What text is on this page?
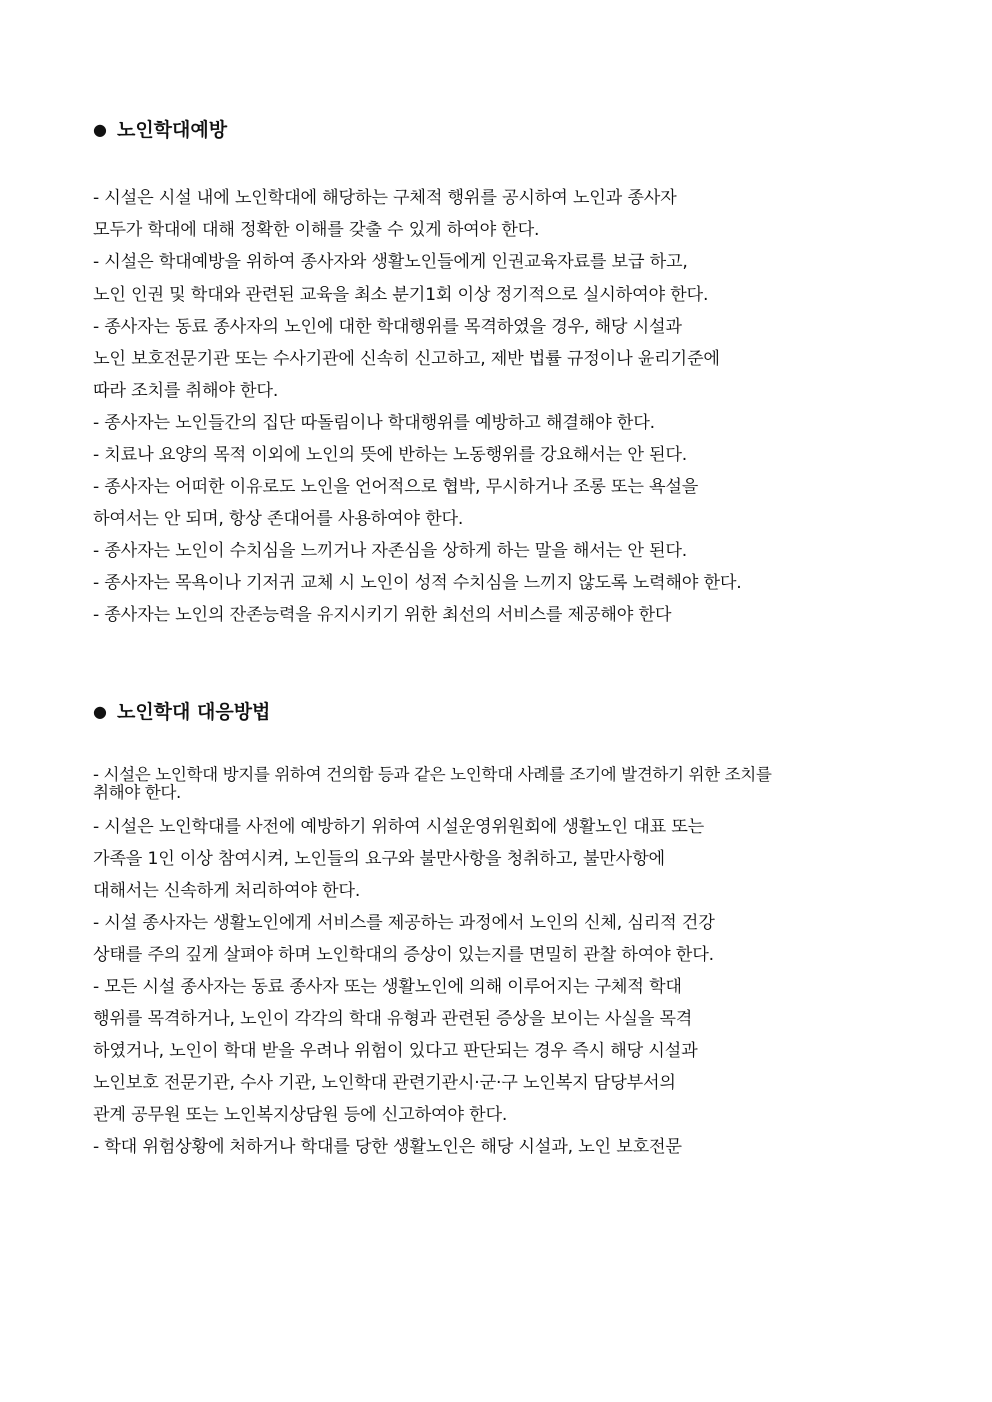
● 노인학대예방
- 시설은 시설 내에 노인학대에 해당하는 구체적 행위를 공시하여 노인과 종사자
모두가 학대에 대해 정확한 이해를 갖출 수 있게 하여야 한다.
- 시설은 학대예방을 위하여 종사자와 생활노인들에게 인권교육자료를 보급 하고,
노인 인권 및 학대와 관련된 교육을 최소 분기1회 이상 정기적으로 실시하여야 한다.
- 종사자는 동료 종사자의 노인에 대한 학대행위를 목격하였을 경우, 해당 시설과
노인 보호전문기관 또는 수사기관에 신속히 신고하고, 제반 법률 규정이나 윤리기준에
따라 조치를 취해야 한다.
- 종사자는 노인들간의 집단 따돌림이나 학대행위를 예방하고 해결해야 한다.
- 치료나 요양의 목적 이외에 노인의 뜻에 반하는 노동행위를 강요해서는 안 된다.
- 종사자는 어떠한 이유로도 노인을 언어적으로 협박, 무시하거나 조롱 또는 욕설을
하여서는 안 되며, 항상 존대어를 사용하여야 한다.
- 종사자는 노인이 수치심을 느끼거나 자존심을 상하게 하는 말을 해서는 안 된다.
- 종사자는 목욕이나 기저귀 교체 시 노인이 성적 수치심을 느끼지 않도록 노력해야 한다.
- 종사자는 노인의 잔존능력을 유지시키기 위한 최선의 서비스를 제공해야 한다
● 노인학대 대응방법
- 시설은 노인학대 방지를 위하여 건의함 등과 같은 노인학대 사례를 조기에 발견하기 위한 조치를
취해야 한다.
- 시설은 노인학대를 사전에 예방하기 위하여 시설운영위원회에 생활노인 대표 또는
가족을 1인 이상 참여시켜, 노인들의 요구와 불만사항을 청취하고, 불만사항에
대해서는 신속하게 처리하여야 한다.
- 시설 종사자는 생활노인에게 서비스를 제공하는 과정에서 노인의 신체, 심리적 건강
상태를 주의 깊게 살펴야 하며 노인학대의 증상이 있는지를 면밀히 관찰 하여야 한다.
- 모든 시설 종사자는 동료 종사자 또는 생활노인에 의해 이루어지는 구체적 학대
행위를 목격하거나, 노인이 각각의 학대 유형과 관련된 증상을 보이는 사실을 목격
하였거나, 노인이 학대 받을 우려나 위험이 있다고 판단되는 경우 즉시 해당 시설과
노인보호 전문기관, 수사 기관, 노인학대 관련기관시·군·구 노인복지 담당부서의
관계 공무원 또는 노인복지상담원 등에 신고하여야 한다.
- 학대 위험상황에 처하거나 학대를 당한 생활노인은 해당 시설과, 노인 보호전문
